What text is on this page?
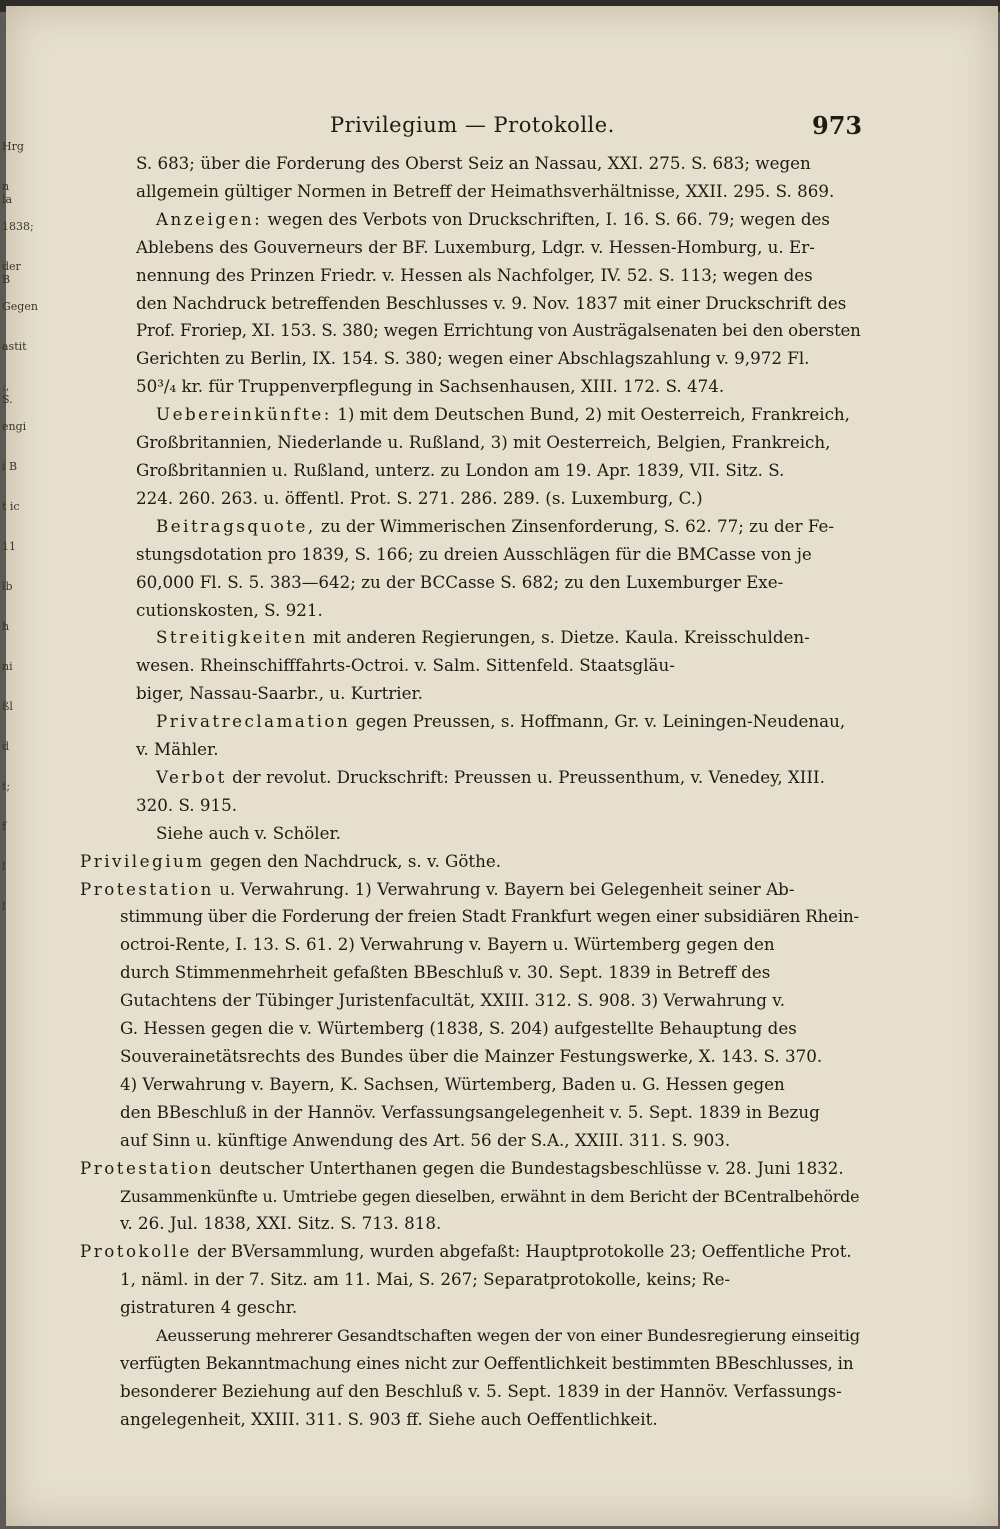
Hrg
n la
1838;
der B
Gegen
astit
;, S.
engi
i B
t ic
11
lb
h
ni
ßl
d
t;
f
l
l
Privilegium — Protokolle.	973
S. 683; über die Forderung des Oberst Seiz an Nassau, XXI. 275. S. 683; wegen
allgemein gültiger Normen in Betreff der Heimathsverhältnisse, XXII. 295. S. 869.
Anzeigen: wegen des Verbots von Druckschriften, I. 16. S. 66. 79; wegen des
Ablebens des Gouverneurs der BF. Luxemburg, Ldgr. v. Hessen-Homburg, u. Er-
nennung des Prinzen Friedr. v. Hessen als Nachfolger, IV. 52. S. 113; wegen des
den Nachdruck betreffenden Beschlusses v. 9. Nov. 1837 mit einer Druckschrift des
Prof. Froriep, XI. 153. S. 380; wegen Errichtung von Austrägalsenaten bei den obersten
Gerichten zu Berlin, IX. 154. S. 380; wegen einer Abschlagszahlung v. 9,972 Fl.
50³/₄ kr. für Truppenverpflegung in Sachsenhausen, XIII. 172. S. 474.
Uebereinkünfte: 1) mit dem Deutschen Bund, 2) mit Oesterreich, Frankreich,
Großbritannien, Niederlande u. Rußland, 3) mit Oesterreich, Belgien, Frankreich,
Großbritannien u. Rußland, unterz. zu London am 19. Apr. 1839, VII. Sitz. S.
224. 260. 263. u. öffentl. Prot. S. 271. 286. 289. (s. Luxemburg, C.)
Beitragsquote, zu der Wimmerischen Zinsenforderung, S. 62. 77; zu der Fe-
stungsdotation pro 1839, S. 166; zu dreien Ausschlägen für die BMCasse von je
60,000 Fl. S. 5. 383—642; zu der BCCasse S. 682; zu den Luxemburger Exe-
cutionskosten, S. 921.
Streitigkeiten mit anderen Regierungen, s. Dietze. Kaula. Kreisschulden-
wesen. Rheinschifffahrts-Octroi. v. Salm. Sittenfeld. Staatsgläu-
biger, Nassau-Saarbr., u. Kurtrier.
Privatreclamation gegen Preussen, s. Hoffmann, Gr. v. Leiningen-Neudenau,
v. Mähler.
Verbot der revolut. Druckschrift: Preussen u. Preussenthum, v. Venedey, XIII.
320. S. 915.
Siehe auch v. Schöler.
Privilegium gegen den Nachdruck, s. v. Göthe.
Protestation u. Verwahrung. 1) Verwahrung v. Bayern bei Gelegenheit seiner Ab-
stimmung über die Forderung der freien Stadt Frankfurt wegen einer subsidiären Rhein-
octroi-Rente, I. 13. S. 61. 2) Verwahrung v. Bayern u. Würtemberg gegen den
durch Stimmenmehrheit gefaßten BBeschluß v. 30. Sept. 1839 in Betreff des
Gutachtens der Tübinger Juristenfacultät, XXIII. 312. S. 908. 3) Verwahrung v.
G. Hessen gegen die v. Würtemberg (1838, S. 204) aufgestellte Behauptung des
Souverainetätsrechts des Bundes über die Mainzer Festungswerke, X. 143. S. 370.
4) Verwahrung v. Bayern, K. Sachsen, Würtemberg, Baden u. G. Hessen gegen
den BBeschluß in der Hannöv. Verfassungsangelegenheit v. 5. Sept. 1839 in Bezug
auf Sinn u. künftige Anwendung des Art. 56 der S.A., XXIII. 311. S. 903.
Protestation deutscher Unterthanen gegen die Bundestagsbeschlüsse v. 28. Juni 1832.
Zusammenkünfte u. Umtriebe gegen dieselben, erwähnt in dem Bericht der BCentralbehörde
v. 26. Jul. 1838, XXI. Sitz. S. 713. 818.
Protokolle der BVersammlung, wurden abgefaßt: Hauptprotokolle 23; Oeffentliche Prot.
1, näml. in der 7. Sitz. am 11. Mai, S. 267; Separatprotokolle, keins; Re-
gistraturen 4 geschr.
Aeusserung mehrerer Gesandtschaften wegen der von einer Bundesregierung einseitig
verfügten Bekanntmachung eines nicht zur Oeffentlichkeit bestimmten BBeschlusses, in
besonderer Beziehung auf den Beschluß v. 5. Sept. 1839 in der Hannöv. Verfassungs-
angelegenheit, XXIII. 311. S. 903 ff. Siehe auch Oeffentlichkeit.
